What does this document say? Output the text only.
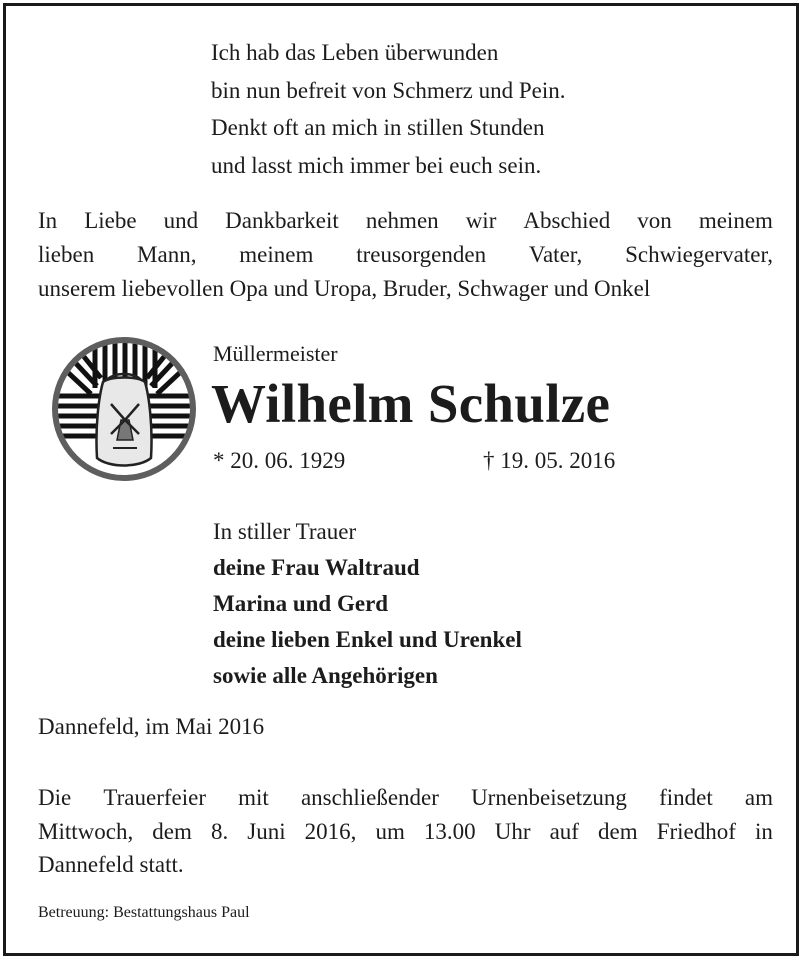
Ich hab das Leben überwunden
bin nun befreit von Schmerz und Pein.
Denkt oft an mich in stillen Stunden
und lasst mich immer bei euch sein.
In Liebe und Dankbarkeit nehmen wir Abschied von meinem
lieben Mann, meinem treusorgenden Vater, Schwiegervater,
unserem liebevollen Opa und Uropa, Bruder, Schwager und Onkel
Müllermeister
Wilhelm Schulze
* 20. 06. 1929	† 19. 05. 2016
In stiller Trauer
deine Frau Waltraud
Marina und Gerd
deine lieben Enkel und Urenkel
sowie alle Angehörigen
Dannefeld, im Mai 2016
Die Trauerfeier mit anschließender Urnenbeisetzung findet am
Mittwoch, dem 8. Juni 2016, um 13.00 Uhr auf dem Friedhof in
Dannefeld statt.
Betreuung: Bestattungshaus Paul
